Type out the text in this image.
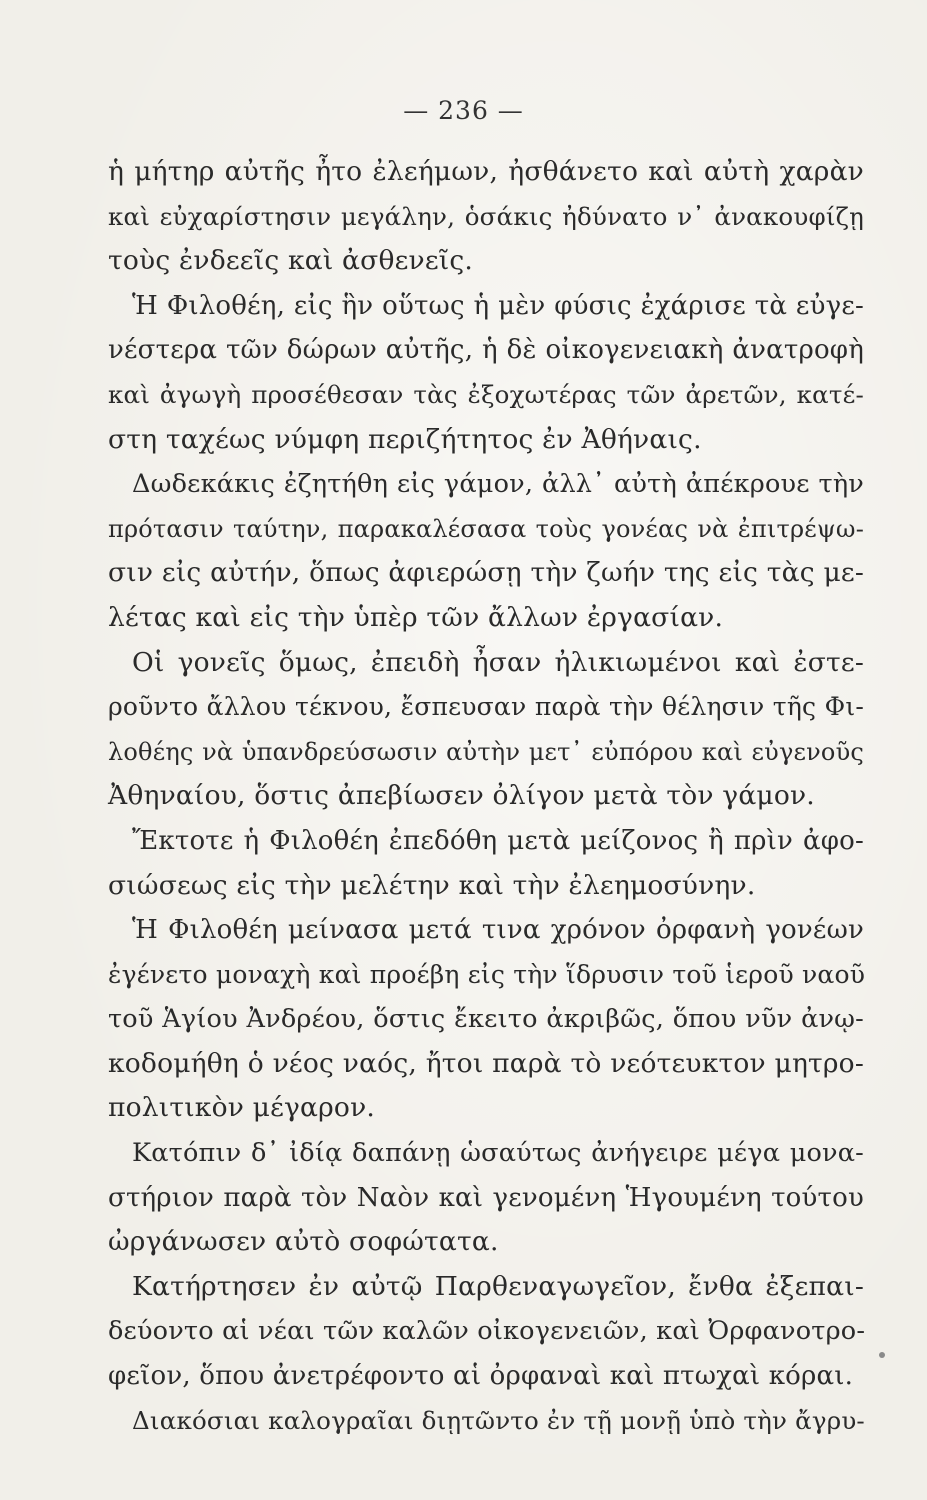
— 236 —
ἡ μήτηρ αὐτῆς ἦτο ἐλεήμων, ἠσθάνετο καὶ αὐτὴ χαρὰν
καὶ εὐχαρίστησιν μεγάλην, ὁσάκις ἠδύνατο ν᾽ ἀνακουφίζῃ
τοὺς ἐνδεεῖς καὶ ἀσθενεῖς.
Ἡ Φιλοθέη, εἰς ἣν οὕτως ἡ μὲν φύσις ἐχάρισε τὰ εὐγε-
νέστερα τῶν δώρων αὐτῆς, ἡ δὲ οἰκογενειακὴ ἀνατροφὴ
καὶ ἀγωγὴ προσέθεσαν τὰς ἐξοχωτέρας τῶν ἀρετῶν, κατέ-
στη ταχέως νύμφη περιζήτητος ἐν Ἀθήναις.
Δωδεκάκις ἐζητήθη εἰς γάμον, ἀλλ᾽ αὐτὴ ἀπέκρουε τὴν
πρότασιν ταύτην, παρακαλέσασα τοὺς γονέας νὰ ἐπιτρέψω-
σιν εἰς αὐτήν, ὅπως ἀφιερώσῃ τὴν ζωήν της εἰς τὰς με-
λέτας καὶ εἰς τὴν ὑπὲρ τῶν ἄλλων ἐργασίαν.
Οἱ γονεῖς ὅμως, ἐπειδὴ ἦσαν ἠλικιωμένοι καὶ ἐστε-
ροῦντο ἄλλου τέκνου, ἔσπευσαν παρὰ τὴν θέλησιν τῆς Φι-
λοθέης νὰ ὑπανδρεύσωσιν αὐτὴν μετ᾽ εὐπόρου καὶ εὐγενοῦς
Ἀθηναίου, ὅστις ἀπεβίωσεν ὀλίγον μετὰ τὸν γάμον.
Ἔκτοτε ἡ Φιλοθέη ἐπεδόθη μετὰ μείζονος ἢ πρὶν ἀφο-
σιώσεως εἰς τὴν μελέτην καὶ τὴν ἐλεημοσύνην.
Ἡ Φιλοθέη μείνασα μετά τινα χρόνον ὀρφανὴ γονέων
ἐγένετο μοναχὴ καὶ προέβη εἰς τὴν ἵδρυσιν τοῦ ἱεροῦ ναοῦ
τοῦ Ἁγίου Ἀνδρέου, ὅστις ἔκειτο ἀκριβῶς, ὅπου νῦν ἀνῳ-
κοδομήθη ὁ νέος ναός, ἤτοι παρὰ τὸ νεότευκτον μητρο-
πολιτικὸν μέγαρον.
Κατόπιν δ᾽ ἰδίᾳ δαπάνῃ ὡσαύτως ἀνήγειρε μέγα μονα-
στήριον παρὰ τὸν Ναὸν καὶ γενομένη Ἡγουμένη τούτου
ὠργάνωσεν αὐτὸ σοφώτατα.
Κατήρτησεν ἐν αὐτῷ Παρθεναγωγεῖον, ἔνθα ἐξεπαι-
δεύοντο αἱ νέαι τῶν καλῶν οἰκογενειῶν, καὶ Ὀρφανοτρο-
φεῖον, ὅπου ἀνετρέφοντο αἱ ὀρφαναὶ καὶ πτωχαὶ κόραι.
Διακόσιαι καλογραῖαι διῃτῶντο ἐν τῇ μονῇ ὑπὸ τὴν ἄγρυ-
